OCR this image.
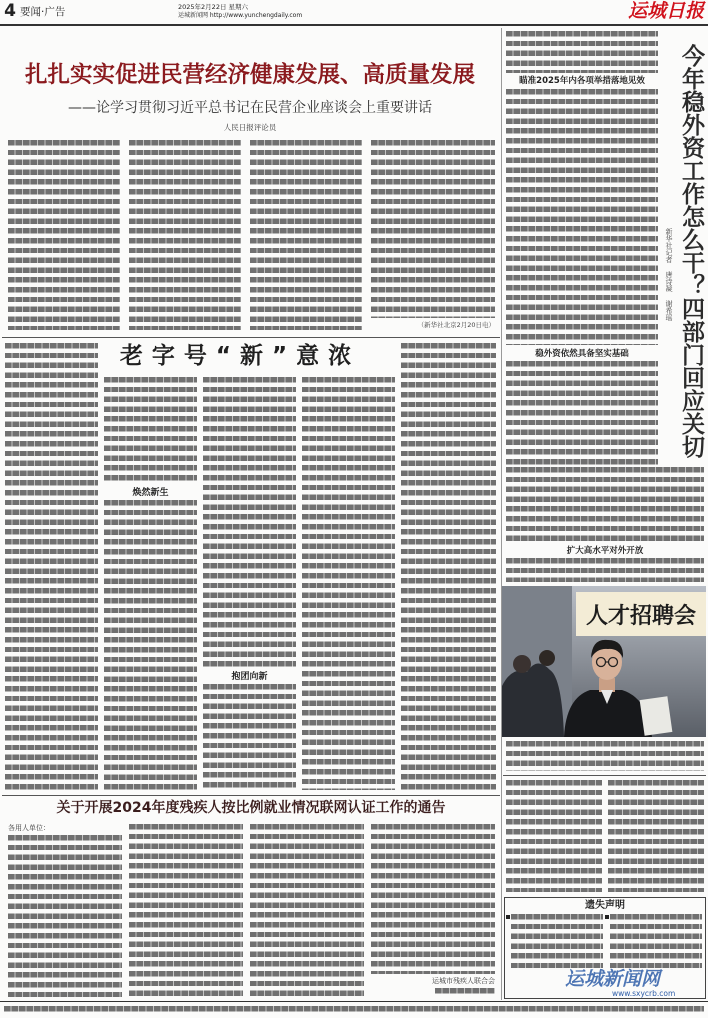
4 要闻·广告	2025年2月22日 星期六
运城新闻网 http://www.yunchengdaily.com	运城日报
扎扎实实促进民营经济健康发展、高质量发展
——论学习贯彻习近平总书记在民营企业座谈会上重要讲话
人民日报评论员
（新华社北京2月20日电）	今年稳外资工作怎么干？四部门回应关切
新华社记者 唐诗凝 谢希瑶
瞄准2025年内各项举措落地见效
稳外资依然具备坚实基础
扩大高水平对外开放
人才招聘会
老字号“新”意浓
焕然新生
抱团向新
关于开展2024年度残疾人按比例就业情况联网认证工作的通告
各用人单位：
运城市残疾人联合会
遗失声明
运城新闻网
www.sxycrb.com
